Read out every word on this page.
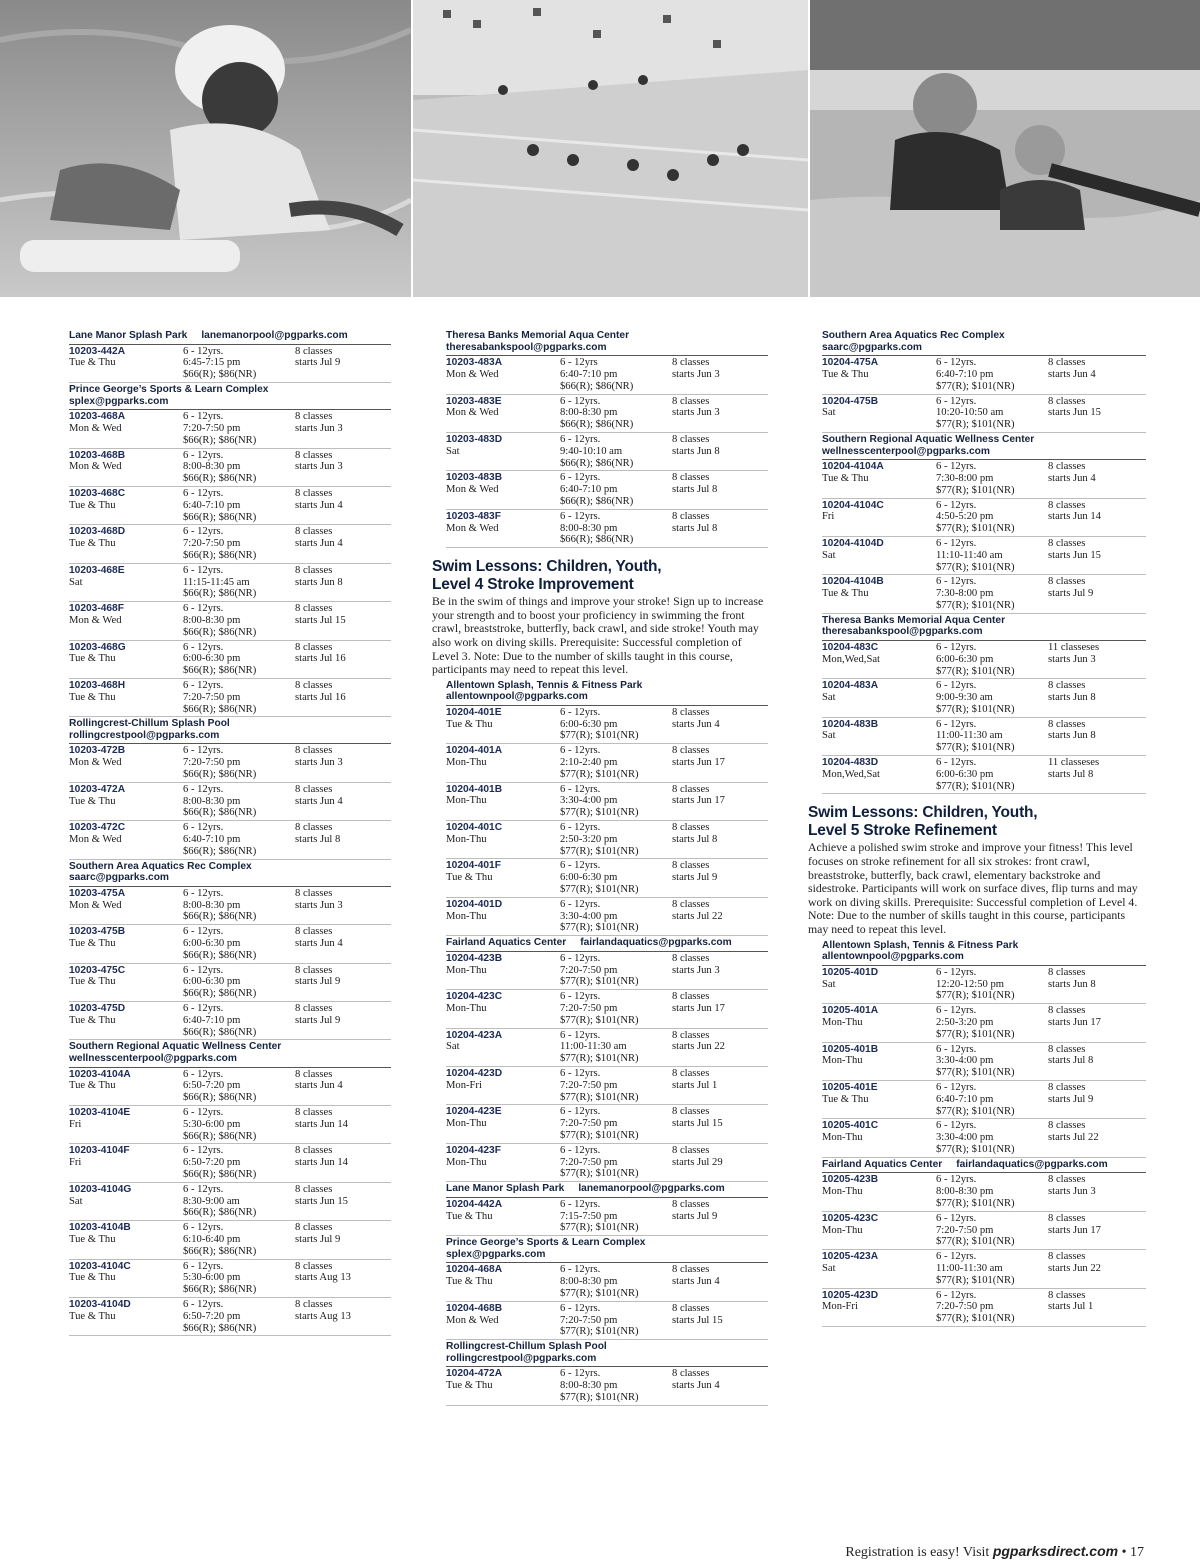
Lane Manor Splash Park lanemanorpool@pgparks.com
10203-442A
Tue & Thu
6 - 12yrs.
6:45-7:15 pm
$66(R); $86(NR)
8 classes
starts Jul 9
Prince George’s Sports & Learn Complex
splex@pgparks.com
10203-468A
Mon & Wed
6 - 12yrs.
7:20-7:50 pm
$66(R); $86(NR)
8 classes
starts Jun 3
10203-468B
Mon & Wed
6 - 12yrs.
8:00-8:30 pm
$66(R); $86(NR)
8 classes
starts Jun 3
10203-468C
Tue & Thu
6 - 12yrs.
6:40-7:10 pm
$66(R); $86(NR)
8 classes
starts Jun 4
10203-468D
Tue & Thu
6 - 12yrs.
7:20-7:50 pm
$66(R); $86(NR)
8 classes
starts Jun 4
10203-468E
Sat
6 - 12yrs.
11:15-11:45 am
$66(R); $86(NR)
8 classes
starts Jun 8
10203-468F
Mon & Wed
6 - 12yrs.
8:00-8:30 pm
$66(R); $86(NR)
8 classes
starts Jul 15
10203-468G
Tue & Thu
6 - 12yrs.
6:00-6:30 pm
$66(R); $86(NR)
8 classes
starts Jul 16
10203-468H
Tue & Thu
6 - 12yrs.
7:20-7:50 pm
$66(R); $86(NR)
8 classes
starts Jul 16
Rollingcrest-Chillum Splash Pool
rollingcrestpool@pgparks.com
10203-472B
Mon & Wed
6 - 12yrs.
7:20-7:50 pm
$66(R); $86(NR)
8 classes
starts Jun 3
10203-472A
Tue & Thu
6 - 12yrs.
8:00-8:30 pm
$66(R); $86(NR)
8 classes
starts Jun 4
10203-472C
Mon & Wed
6 - 12yrs.
6:40-7:10 pm
$66(R); $86(NR)
8 classes
starts Jul 8
Southern Area Aquatics Rec Complex
saarc@pgparks.com
10203-475A
Mon & Wed
6 - 12yrs.
8:00-8:30 pm
$66(R); $86(NR)
8 classes
starts Jun 3
10203-475B
Tue & Thu
6 - 12yrs.
6:00-6:30 pm
$66(R); $86(NR)
8 classes
starts Jun 4
10203-475C
Tue & Thu
6 - 12yrs.
6:00-6:30 pm
$66(R); $86(NR)
8 classes
starts Jul 9
10203-475D
Tue & Thu
6 - 12yrs.
6:40-7:10 pm
$66(R); $86(NR)
8 classes
starts Jul 9
Southern Regional Aquatic Wellness Center
wellnesscenterpool@pgparks.com
10203-4104A
Tue & Thu
6 - 12yrs.
6:50-7:20 pm
$66(R); $86(NR)
8 classes
starts Jun 4
10203-4104E
Fri
6 - 12yrs.
5:30-6:00 pm
$66(R); $86(NR)
8 classes
starts Jun 14
10203-4104F
Fri
6 - 12yrs.
6:50-7:20 pm
$66(R); $86(NR)
8 classes
starts Jun 14
10203-4104G
Sat
6 - 12yrs.
8:30-9:00 am
$66(R); $86(NR)
8 classes
starts Jun 15
10203-4104B
Tue & Thu
6 - 12yrs.
6:10-6:40 pm
$66(R); $86(NR)
8 classes
starts Jul 9
10203-4104C
Tue & Thu
6 - 12yrs.
5:30-6:00 pm
$66(R); $86(NR)
8 classes
starts Aug 13
10203-4104D
Tue & Thu
6 - 12yrs.
6:50-7:20 pm
$66(R); $86(NR)
8 classes
starts Aug 13
Theresa Banks Memorial Aqua Center
theresabankspool@pgparks.com
10203-483A
Mon & Wed
6 - 12yrs
6:40-7:10 pm
$66(R); $86(NR)
8 classes
starts Jun 3
10203-483E
Mon & Wed
6 - 12yrs.
8:00-8:30 pm
$66(R); $86(NR)
8 classes
starts Jun 3
10203-483D
Sat
6 - 12yrs.
9:40-10:10 am
$66(R); $86(NR)
8 classes
starts Jun 8
10203-483B
Mon & Wed
6 - 12yrs.
6:40-7:10 pm
$66(R); $86(NR)
8 classes
starts Jul 8
10203-483F
Mon & Wed
6 - 12yrs.
8:00-8:30 pm
$66(R); $86(NR)
8 classes
starts Jul 8
Swim Lessons: Children, Youth,
Level 4 Stroke Improvement
Be in the swim of things and improve your stroke! Sign up to increase your strength and to boost your proficiency in swimming the front crawl, breaststroke, butterfly, back crawl, and side stroke! Youth may also work on diving skills. Prerequisite: Successful completion of Level 3. Note: Due to the number of skills taught in this course, participants may need to repeat this level.
Allentown Splash, Tennis & Fitness Park
allentownpool@pgparks.com
10204-401E
Tue & Thu
6 - 12yrs.
6:00-6:30 pm
$77(R); $101(NR)
8 classes
starts Jun 4
10204-401A
Mon-Thu
6 - 12yrs.
2:10-2:40 pm
$77(R); $101(NR)
8 classes
starts Jun 17
10204-401B
Mon-Thu
6 - 12yrs.
3:30-4:00 pm
$77(R); $101(NR)
8 classes
starts Jun 17
10204-401C
Mon-Thu
6 - 12yrs.
2:50-3:20 pm
$77(R); $101(NR)
8 classes
starts Jul 8
10204-401F
Tue & Thu
6 - 12yrs.
6:00-6:30 pm
$77(R); $101(NR)
8 classes
starts Jul 9
10204-401D
Mon-Thu
6 - 12yrs.
3:30-4:00 pm
$77(R); $101(NR)
8 classes
starts Jul 22
Fairland Aquatics Center fairlandaquatics@pgparks.com
10204-423B
Mon-Thu
6 - 12yrs.
7:20-7:50 pm
$77(R); $101(NR)
8 classes
starts Jun 3
10204-423C
Mon-Thu
6 - 12yrs.
7:20-7:50 pm
$77(R); $101(NR)
8 classes
starts Jun 17
10204-423A
Sat
6 - 12yrs.
11:00-11:30 am
$77(R); $101(NR)
8 classes
starts Jun 22
10204-423D
Mon-Fri
6 - 12yrs.
7:20-7:50 pm
$77(R); $101(NR)
8 classes
starts Jul 1
10204-423E
Mon-Thu
6 - 12yrs.
7:20-7:50 pm
$77(R); $101(NR)
8 classes
starts Jul 15
10204-423F
Mon-Thu
6 - 12yrs.
7:20-7:50 pm
$77(R); $101(NR)
8 classes
starts Jul 29
Lane Manor Splash Park lanemanorpool@pgparks.com
10204-442A
Tue & Thu
6 - 12yrs.
7:15-7:50 pm
$77(R); $101(NR)
8 classes
starts Jul 9
Prince George’s Sports & Learn Complex
splex@pgparks.com
10204-468A
Tue & Thu
6 - 12yrs.
8:00-8:30 pm
$77(R); $101(NR)
8 classes
starts Jun 4
10204-468B
Mon & Wed
6 - 12yrs.
7:20-7:50 pm
$77(R); $101(NR)
8 classes
starts Jul 15
Rollingcrest-Chillum Splash Pool
rollingcrestpool@pgparks.com
10204-472A
Tue & Thu
6 - 12yrs.
8:00-8:30 pm
$77(R); $101(NR)
8 classes
starts Jun 4
Southern Area Aquatics Rec Complex
saarc@pgparks.com
10204-475A
Tue & Thu
6 - 12yrs.
6:40-7:10 pm
$77(R); $101(NR)
8 classes
starts Jun 4
10204-475B
Sat
6 - 12yrs.
10:20-10:50 am
$77(R); $101(NR)
8 classes
starts Jun 15
Southern Regional Aquatic Wellness Center
wellnesscenterpool@pgparks.com
10204-4104A
Tue & Thu
6 - 12yrs.
7:30-8:00 pm
$77(R); $101(NR)
8 classes
starts Jun 4
10204-4104C
Fri
6 - 12yrs.
4:50-5:20 pm
$77(R); $101(NR)
8 classes
starts Jun 14
10204-4104D
Sat
6 - 12yrs.
11:10-11:40 am
$77(R); $101(NR)
8 classes
starts Jun 15
10204-4104B
Tue & Thu
6 - 12yrs.
7:30-8:00 pm
$77(R); $101(NR)
8 classes
starts Jul 9
Theresa Banks Memorial Aqua Center
theresabankspool@pgparks.com
10204-483C
Mon,Wed,Sat
6 - 12yrs.
6:00-6:30 pm
$77(R); $101(NR)
11 classeses
starts Jun 3
10204-483A
Sat
6 - 12yrs.
9:00-9:30 am
$77(R); $101(NR)
8 classes
starts Jun 8
10204-483B
Sat
6 - 12yrs.
11:00-11:30 am
$77(R); $101(NR)
8 classes
starts Jun 8
10204-483D
Mon,Wed,Sat
6 - 12yrs.
6:00-6:30 pm
$77(R); $101(NR)
11 classeses
starts Jul 8
Swim Lessons: Children, Youth,
Level 5 Stroke Refinement
Achieve a polished swim stroke and improve your fitness! This level focuses on stroke refinement for all six strokes: front crawl, breaststroke, butterfly, back crawl, elementary backstroke and sidestroke. Participants will work on surface dives, flip turns and may work on diving skills. Prerequisite: Successful completion of Level 4. Note: Due to the number of skills taught in this course, participants may need to repeat this level.
Allentown Splash, Tennis & Fitness Park
allentownpool@pgparks.com
10205-401D
Sat
6 - 12yrs.
12:20-12:50 pm
$77(R); $101(NR)
8 classes
starts Jun 8
10205-401A
Mon-Thu
6 - 12yrs.
2:50-3:20 pm
$77(R); $101(NR)
8 classes
starts Jun 17
10205-401B
Mon-Thu
6 - 12yrs.
3:30-4:00 pm
$77(R); $101(NR)
8 classes
starts Jul 8
10205-401E
Tue & Thu
6 - 12yrs.
6:40-7:10 pm
$77(R); $101(NR)
8 classes
starts Jul 9
10205-401C
Mon-Thu
6 - 12yrs.
3:30-4:00 pm
$77(R); $101(NR)
8 classes
starts Jul 22
Fairland Aquatics Center fairlandaquatics@pgparks.com
10205-423B
Mon-Thu
6 - 12yrs.
8:00-8:30 pm
$77(R); $101(NR)
8 classes
starts Jun 3
10205-423C
Mon-Thu
6 - 12yrs.
7:20-7:50 pm
$77(R); $101(NR)
8 classes
starts Jun 17
10205-423A
Sat
6 - 12yrs.
11:00-11:30 am
$77(R); $101(NR)
8 classes
starts Jun 22
10205-423D
Mon-Fri
6 - 12yrs.
7:20-7:50 pm
$77(R); $101(NR)
8 classes
starts Jul 1
Registration is easy! Visit pgparksdirect.com • 17
